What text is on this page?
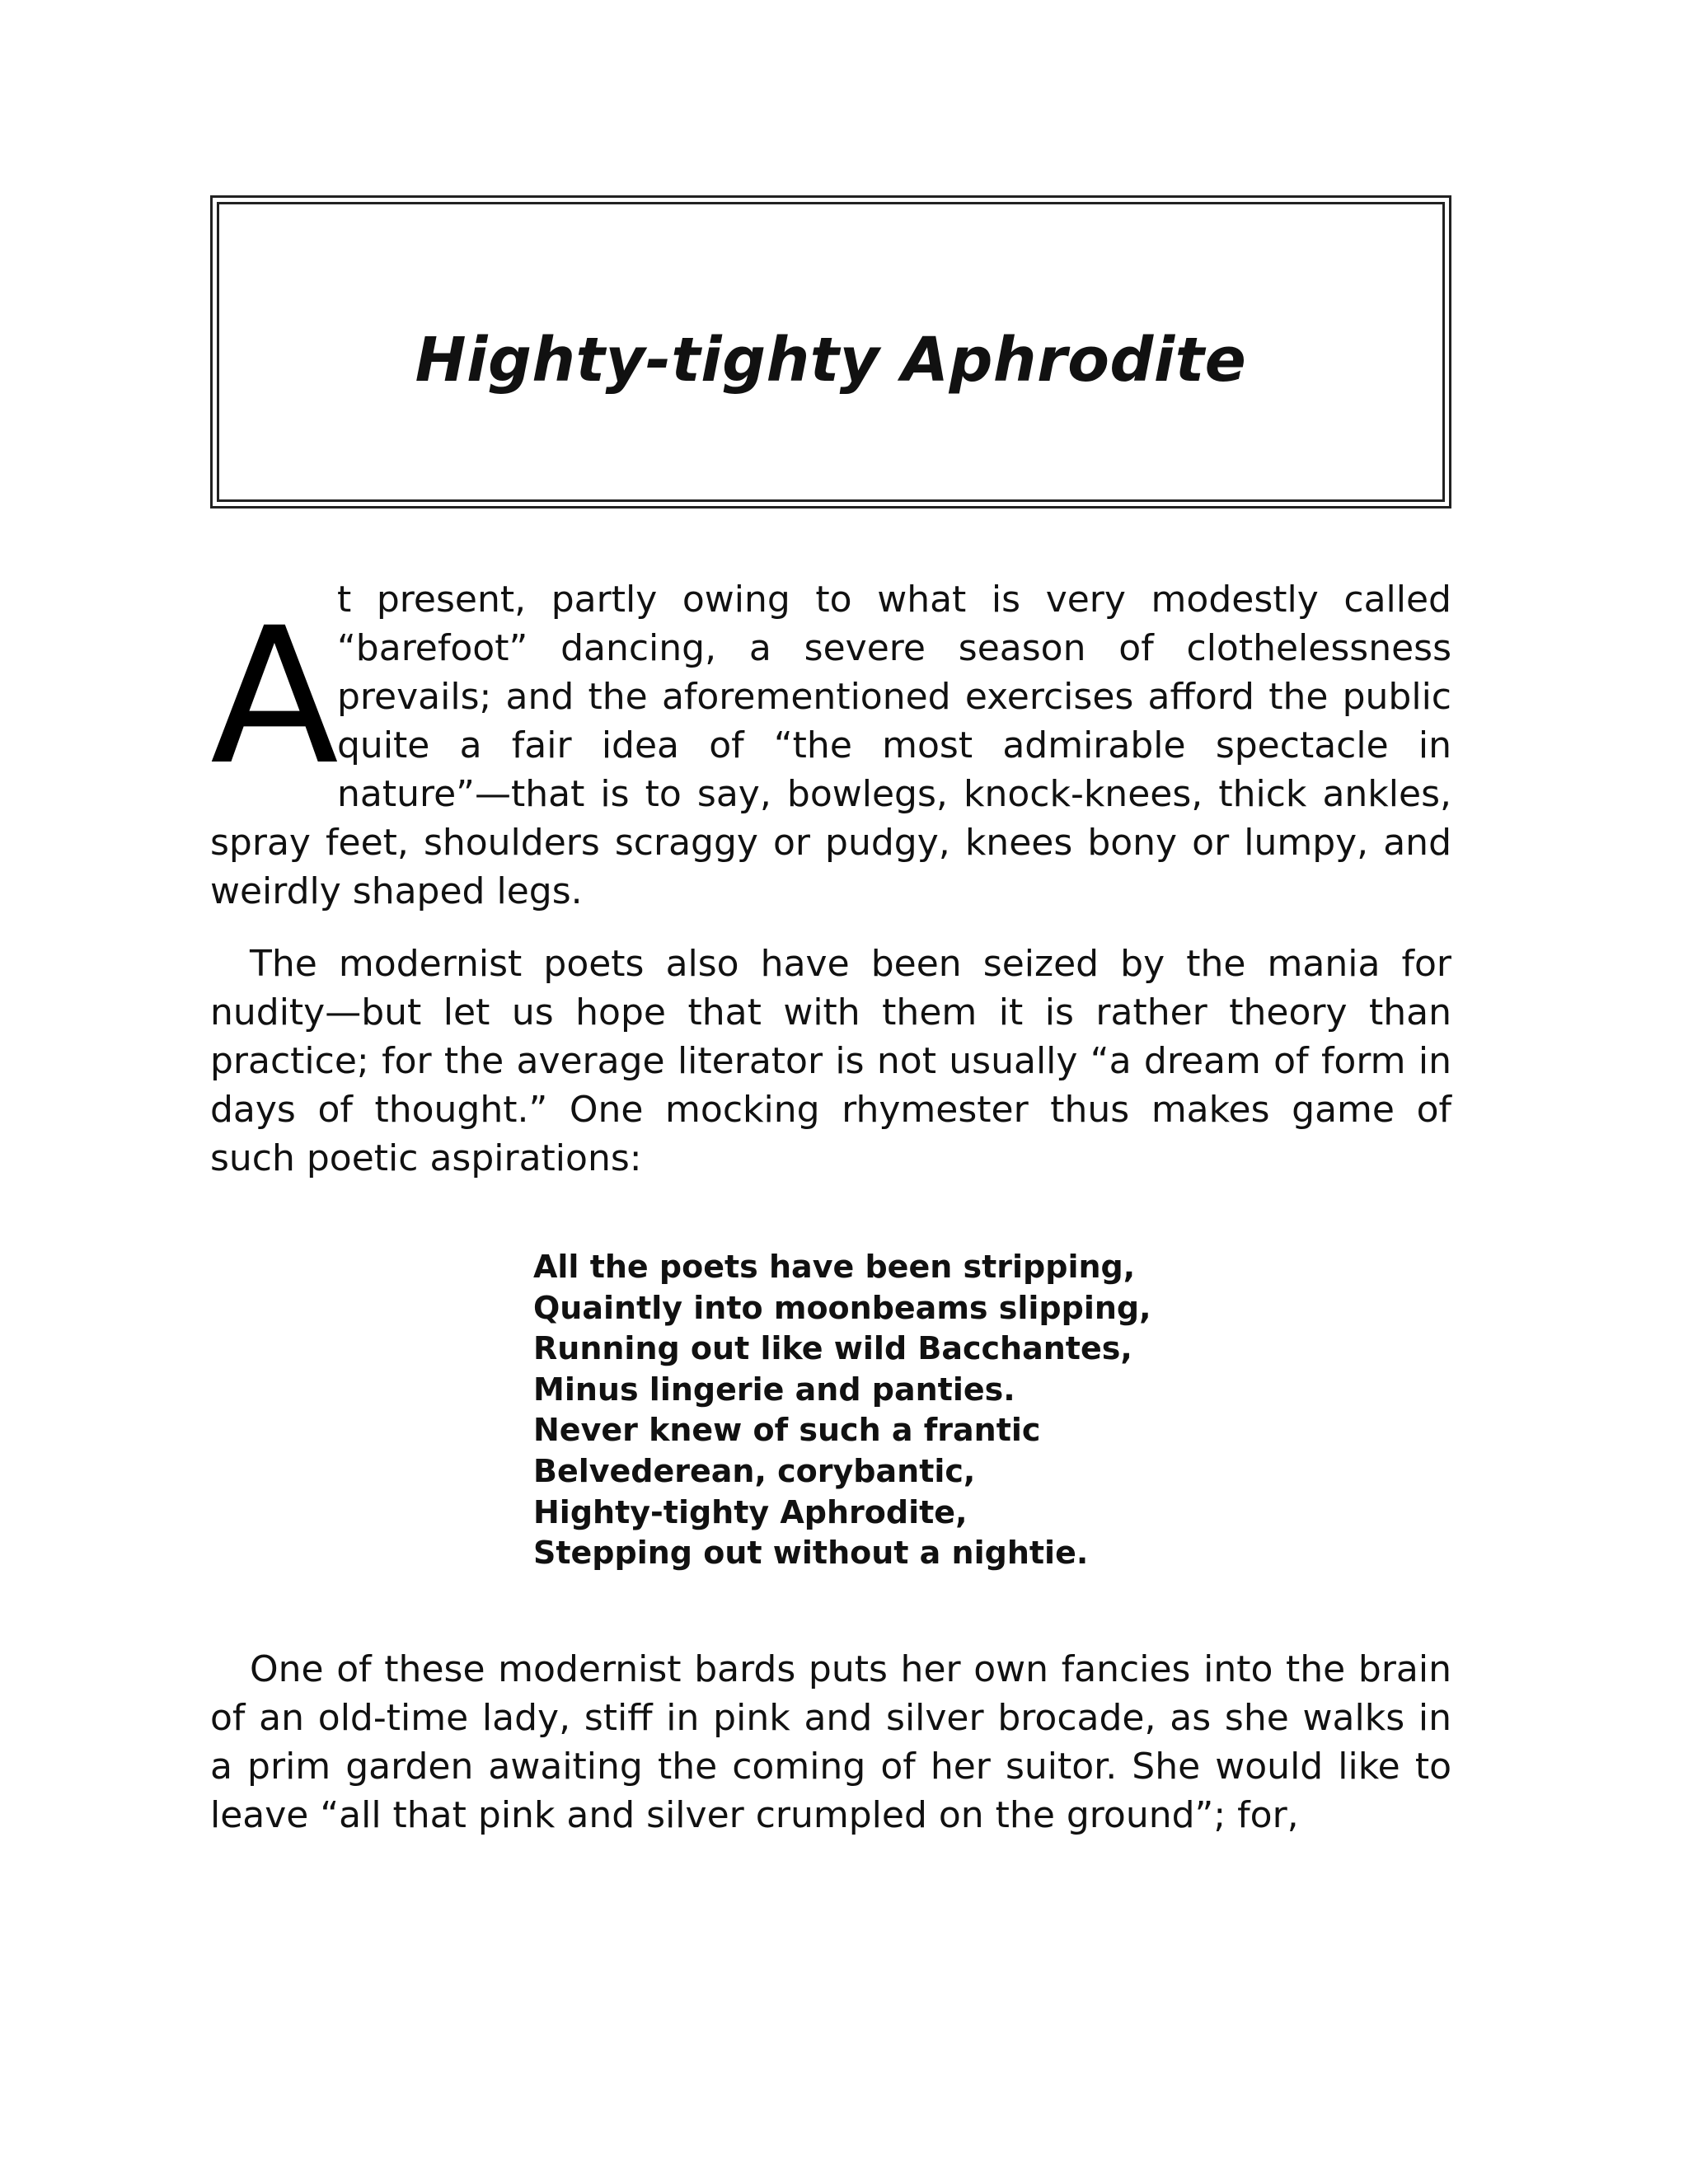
Highty-tighty Aphrodite

A
t present, partly owing to what is very modestly called “barefoot” dancing, a severe season of clothelessness prevails; and the aforementioned exercises afford the public quite a fair idea of “the most admirable spectacle in nature”—that is to say, bowlegs, knock-knees, thick ankles, spray feet, shoulders scraggy or pudgy, knees bony or lumpy, and weirdly shaped legs.

The modernist poets also have been seized by the mania for nudity—but let us hope that with them it is rather theory than practice; for the average literator is not usually “a dream of form in days of thought.” One mocking rhymester thus makes game of such poetic aspirations:

All the poets have been stripping,
Quaintly into moonbeams slipping,
Running out like wild Bacchantes,
Minus lingerie and panties.
Never knew of such a frantic
Belvederean, corybantic,
Highty-tighty Aphrodite,
Stepping out without a nightie.

One of these modernist bards puts her own fancies into the brain of an old-time lady, stiff in pink and silver brocade, as she walks in a prim garden awaiting the coming of her suitor. She would like to leave “all that pink and silver crumpled on the ground”; for,
